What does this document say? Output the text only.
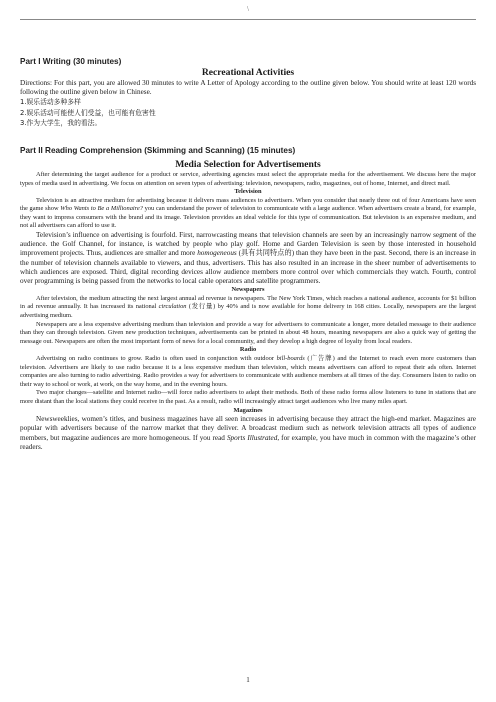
\
Part I Writing (30 minutes)
Recreational Activities

Directions: For this part, you are allowed 30 minutes to write A Letter of Apology according to the outline given below. You should write at least 120 words following the outline given below in Chinese.

1.娱乐活动多种多样
2.娱乐活动可能使人们受益，也可能有危害性
3.作为大学生，我的看法。
Part II Reading Comprehension (Skimming and Scanning) (15 minutes)
Media Selection for Advertisements

After determining the target audience for a product or service, advertising agencies must select the appropriate media for the advertisement. We discuss here the major types of media used in advertising. We focus on attention on seven types of advertising: television, newspapers, radio, magazines, out of home, Internet, and direct mail.

Television

Television is an attractive medium for advertising because it delivers mass audiences to advertisers. When you consider that nearly three out of four Americans have seen the game show Who Wants to Be a Millionaire? you can understand the power of television to communicate with a large audience. When advertisers create a brand, for example, they want to impress consumers with the brand and its image. Television provides an ideal vehicle for this type of communication. But television is an expensive medium, and not all advertisers can afford to use it.

Television’s influence on advertising is fourfold. First, narrowcasting means that television channels are seen by an increasingly narrow segment of the audience. the Golf Channel, for instance, is watched by people who play golf. Home and Garden Television is seen by those interested in household improvement projects. Thus, audiences are smaller and more homogeneous (具有共同特点的) than they have been in the past. Second, there is an increase in the number of television channels available to viewers, and thus, advertisers. This has also resulted in an increase in the sheer number of advertisements to which audiences are exposed. Third, digital recording devices allow audience members more control over which commercials they watch. Fourth, control over programming is being passed from the networks to local cable operators and satellite programmers.

Newspapers

After television, the medium attracting the next largest annual ad revenue is newspapers. The New York Times, which reaches a national audience, accounts for $1 billion in ad revenue annually. It has increased its national circulation (发行量) by 40% and is now available for home delivery in 168 cities. Locally, newspapers are the largest advertising medium.

Newspapers are a less expensive advertising medium than television and provide a way for advertisers to communicate a longer, more detailed message to their audience than they can through television. Given new production techniques, advertisements can be printed in about 48 hours, meaning newspapers are also a quick way of getting the message out. Newspapers are often the most important form of news for a local community, and they develop a high degree of loyalty from local readers.

Radio

Advertising on radio continues to grow. Radio is often used in conjunction with outdoor bill-boards (广告牌) and the Internet to reach even more customers than television. Advertisers are likely to use radio because it is a less expensive medium than television, which means advertisers can afford to repeat their ads often. Internet companies are also turning to radio advertising. Radio provides a way for advertisers to communicate with audience members at all times of the day. Consumers listen to radio on their way to school or work, at work, on the way home, and in the evening hours.

Two major changes—satellite and Internet radio—will force radio advertisers to adapt their methods. Both of these radio forms allow listeners to tune in stations that are more distant than the local stations they could receive in the past. As a result, radio will increasingly attract target audiences who live many miles apart.

Magazines

Newsweeklies, women’s titles, and business magazines have all seen increases in advertising because they attract the high-end market. Magazines are popular with advertisers because of the narrow market that they deliver. A broadcast medium such as network television attracts all types of audience members, but magazine audiences are more homogeneous. If you read Sports Illustrated, for example, you have much in common with the magazine’s other readers.

1
